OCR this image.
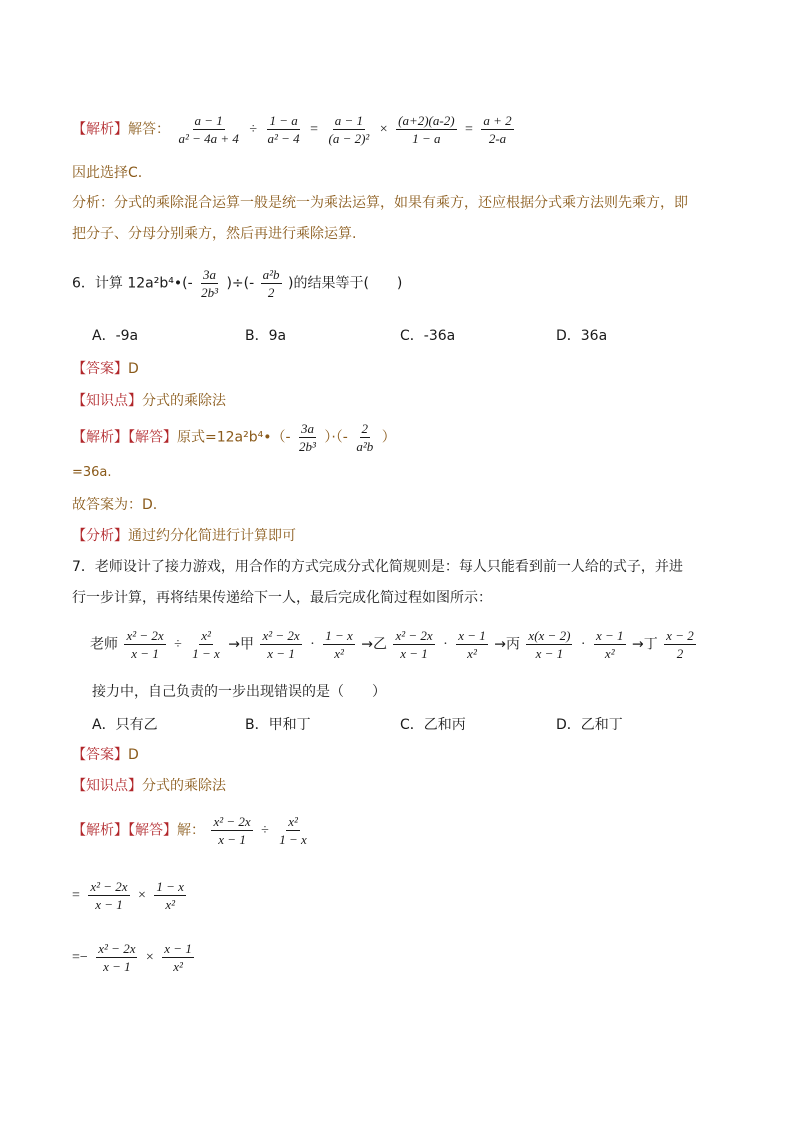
【解析】解答： $\frac{a - 1}{\text{a² − 4a + 4}} \div \frac{1 - a}{\text{a² − 4}} = \frac{a - 1}{\text{(a − 2)²}} \times \frac{(a+2)(a-2)}{1 - a} = \frac{a + 2}{2-a}$
因此选择C.
分析：分式的乘除混合运算一般是统一为乘法运算，如果有乘方，还应根据分式乘方法则先乘方，即
把分子、分母分别乘方，然后再进行乘除运算.
6．计算 12a²b⁴•(- $\frac{3a}{\text{2b³}}$ )÷(- $\frac{\text{a²b}}{2}$ )的结果等于(　　)
A．-9a	B．9a	C．-36a	D．36a
【答案】D
【知识点】分式的乘除法
【解析】【解答】原式=12a²b⁴•（- $\frac{3a}{\text{2b³}}$ ）·（- $\frac{2}{\text{a²b}}$ ）
=36a.
故答案为：D.
【分析】通过约分化简进行计算即可
7．老师设计了接力游戏，用合作的方式完成分式化简规则是：每人只能看到前一人给的式子，并进
行一步计算，再将结果传递给下一人，最后完成化简过程如图所示：
老师 $\frac{\text{x² − 2x}}{x - 1} \div \frac{\text{x²}}{1 - x}$ →甲 $\frac{\text{x² − 2x}}{x - 1} \cdot \frac{1 - x}{\text{x²}}$ →乙 $\frac{\text{x² − 2x}}{x - 1} \cdot \frac{x - 1}{\text{x²}}$ →丙 $\frac{x(x - 2)}{x - 1} \cdot \frac{x - 1}{\text{x²}}$ →丁 $\frac{x - 2}{2}$
接力中，自己负责的一步出现错误的是（　　）
A．只有乙	B．甲和丁	C．乙和丙	D．乙和丁
【答案】D
【知识点】分式的乘除法
【解析】【解答】解： $\frac{\text{x² − 2x}}{x - 1} \div \frac{\text{x²}}{1 - x}$
= $\frac{\text{x² − 2x}}{x - 1} \times \frac{1 - x}{\text{x²}}$
=− $\frac{\text{x² − 2x}}{x - 1} \times \frac{x - 1}{\text{x²}}$
